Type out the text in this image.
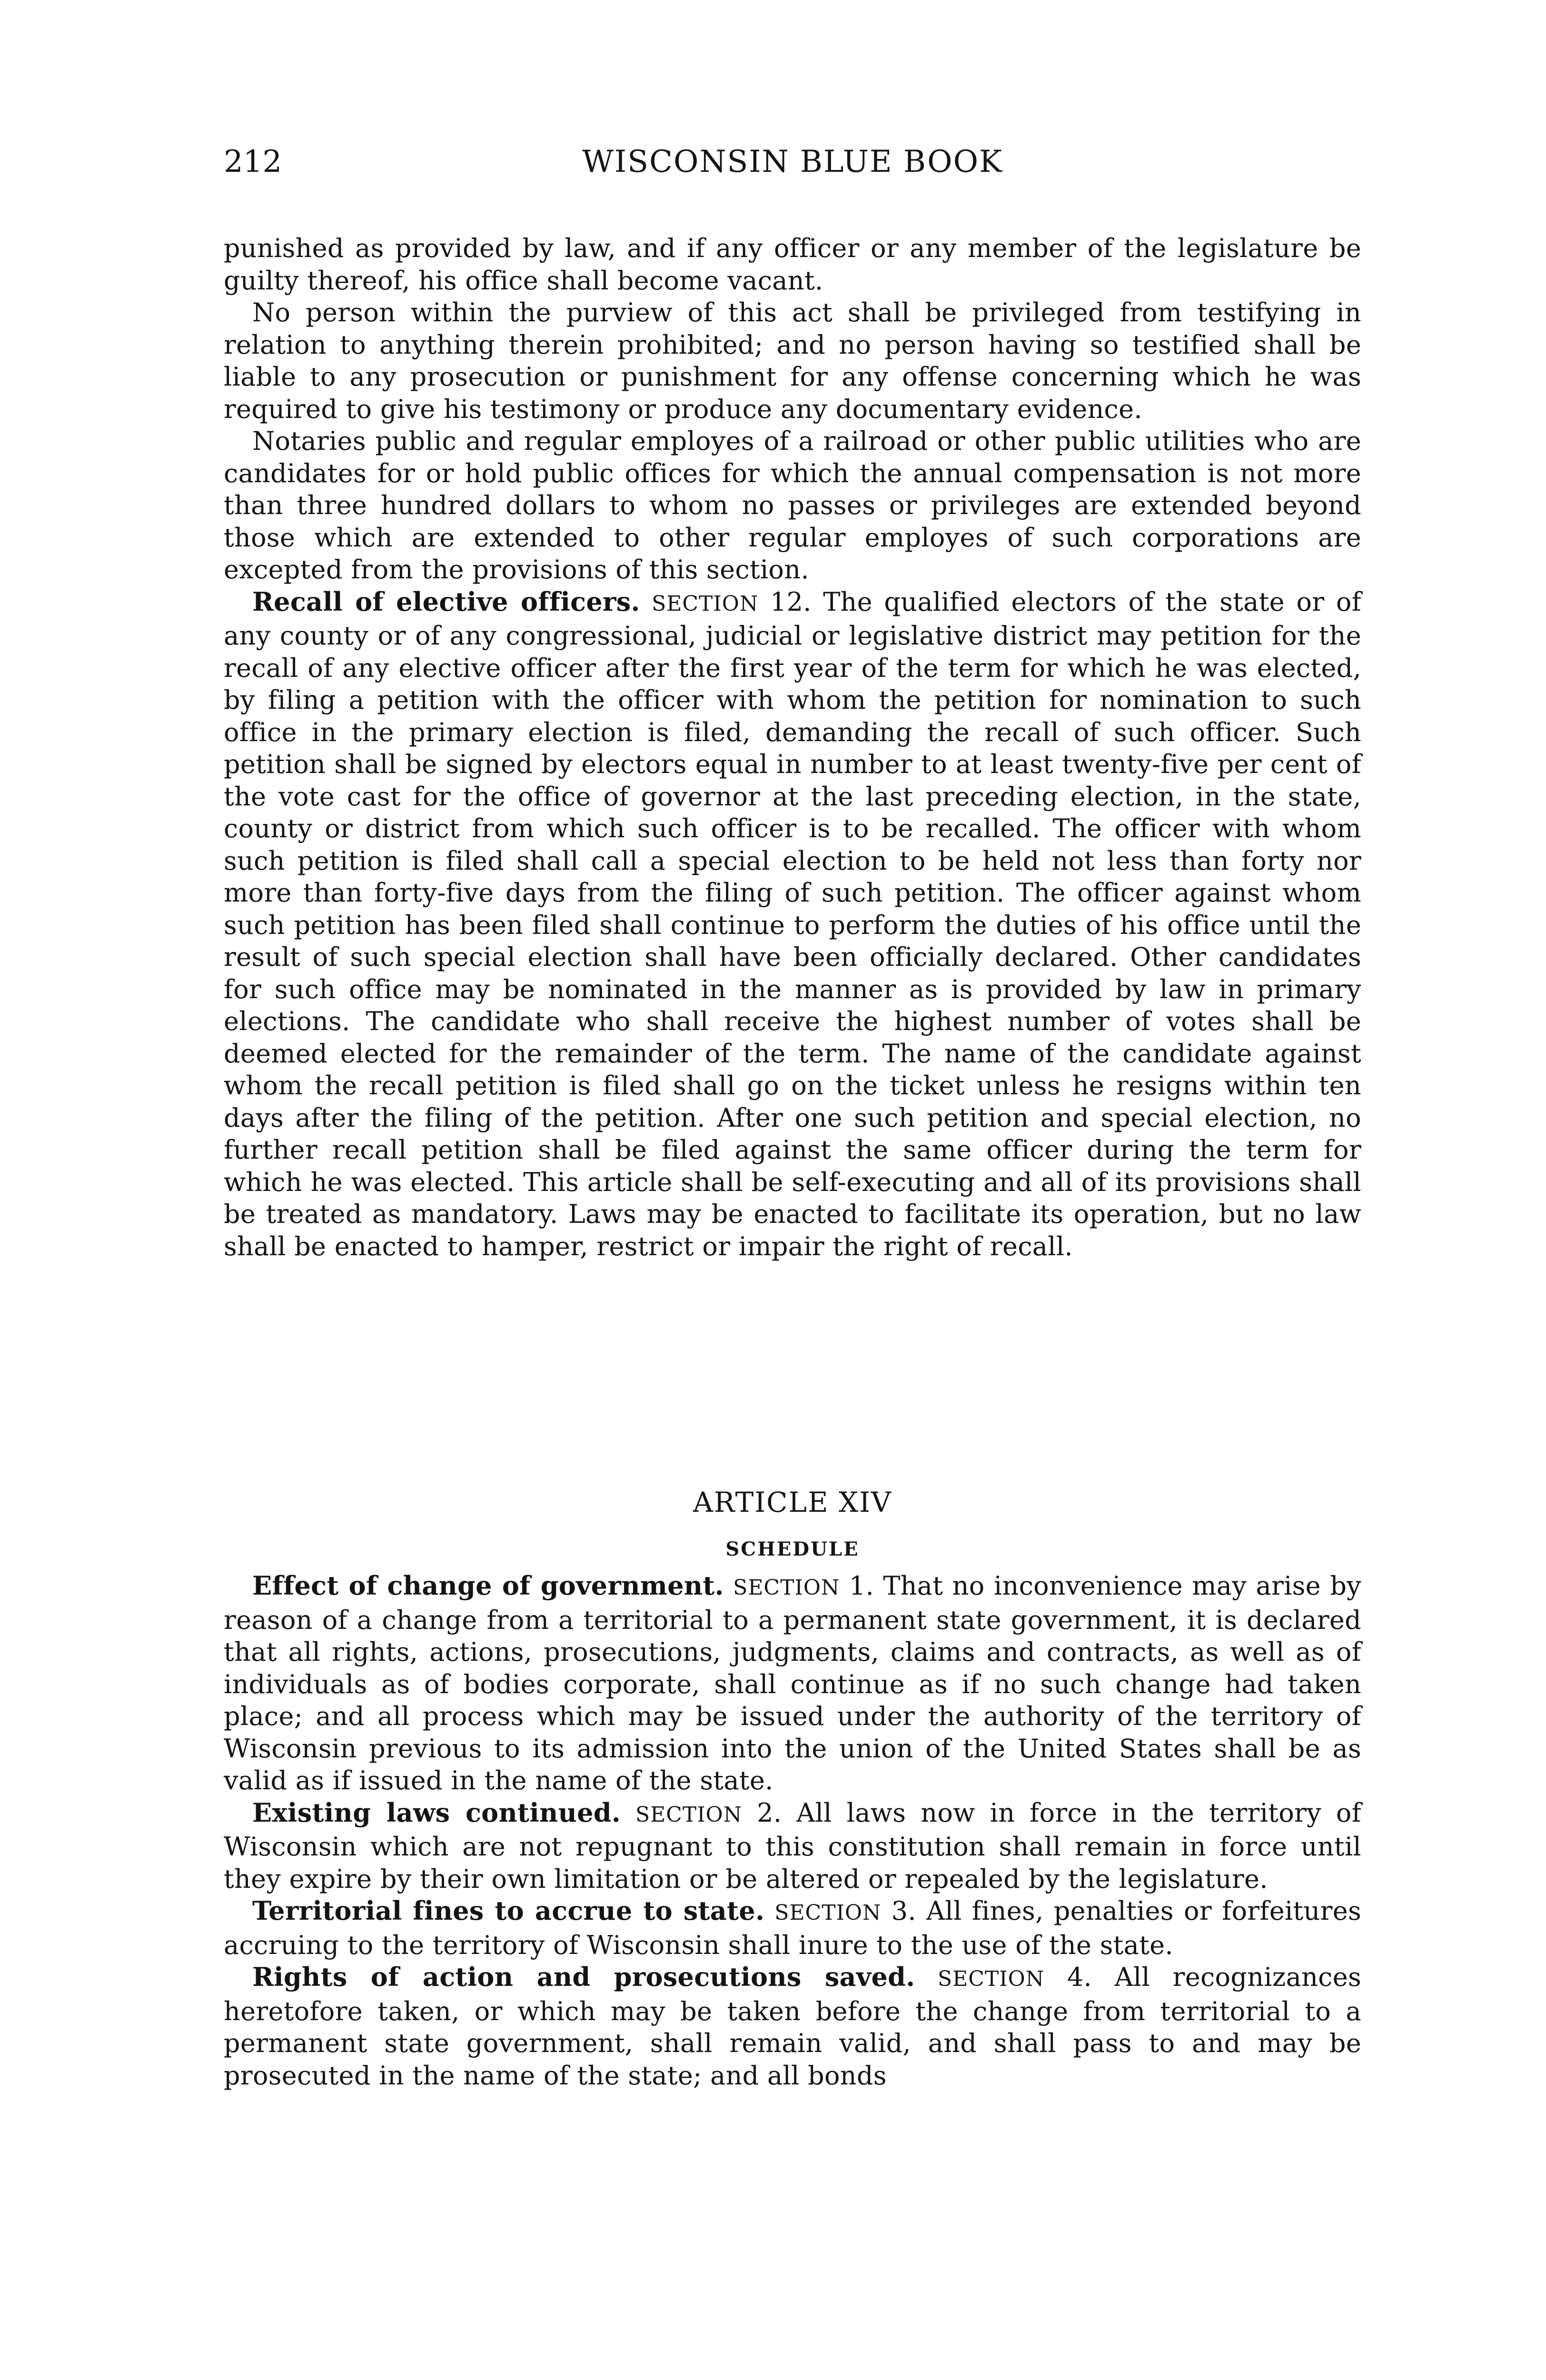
212	WISCONSIN BLUE BOOK

punished as provided by law, and if any officer or any member of the legislature be guilty thereof, his office shall become vacant.

No person within the purview of this act shall be privileged from testifying in relation to anything therein prohibited; and no person having so testified shall be liable to any prosecution or punishment for any offense concerning which he was required to give his testimony or produce any documentary evidence.

Notaries public and regular employes of a railroad or other public utilities who are candidates for or hold public offices for which the annual compensation is not more than three hundred dollars to whom no passes or privileges are extended beyond those which are extended to other regular employes of such corporations are excepted from the provisions of this section.

Recall of elective officers. SECTION 12. The qualified electors of the state or of any county or of any congressional, judicial or legislative district may petition for the recall of any elective officer after the first year of the term for which he was elected, by filing a petition with the officer with whom the petition for nomination to such office in the primary election is filed, demanding the recall of such officer. Such petition shall be signed by electors equal in number to at least twenty-five per cent of the vote cast for the office of governor at the last preceding election, in the state, county or district from which such officer is to be recalled. The officer with whom such petition is filed shall call a special election to be held not less than forty nor more than forty-five days from the filing of such petition. The officer against whom such petition has been filed shall continue to perform the duties of his office until the result of such special election shall have been officially declared. Other candidates for such office may be nominated in the manner as is provided by law in primary elections. The candidate who shall receive the highest number of votes shall be deemed elected for the remainder of the term. The name of the candidate against whom the recall petition is filed shall go on the ticket unless he resigns within ten days after the filing of the petition. After one such petition and special election, no further recall petition shall be filed against the same officer during the term for which he was elected. This article shall be self-executing and all of its provisions shall be treated as mandatory. Laws may be enacted to facilitate its operation, but no law shall be enacted to hamper, restrict or impair the right of recall.

ARTICLE XIV
SCHEDULE

Effect of change of government. SECTION 1. That no inconvenience may arise by reason of a change from a territorial to a permanent state government, it is declared that all rights, actions, prosecutions, judgments, claims and contracts, as well as of individuals as of bodies corporate, shall continue as if no such change had taken place; and all process which may be issued under the authority of the territory of Wisconsin previous to its admission into the union of the United States shall be as valid as if issued in the name of the state.

Existing laws continued. SECTION 2. All laws now in force in the territory of Wisconsin which are not repugnant to this constitution shall remain in force until they expire by their own limitation or be altered or repealed by the legislature.

Territorial fines to accrue to state. SECTION 3. All fines, penalties or forfeitures accruing to the territory of Wisconsin shall inure to the use of the state.

Rights of action and prosecutions saved. SECTION 4. All recognizances heretofore taken, or which may be taken before the change from territorial to a permanent state government, shall remain valid, and shall pass to and may be prosecuted in the name of the state; and all bonds
